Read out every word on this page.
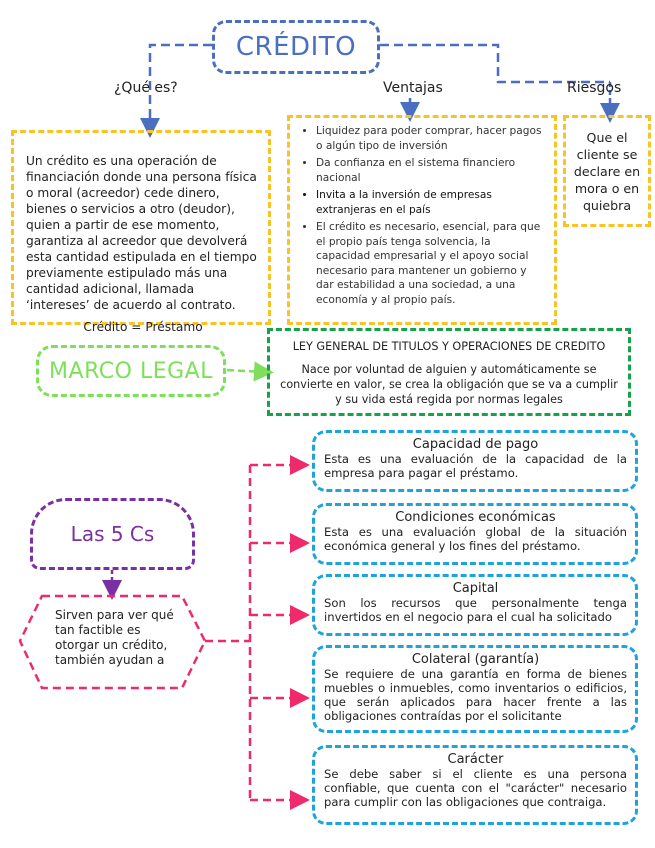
CRÉDITO
¿Qué es?	Ventajas	Riesgos

Un crédito es una operación de financiación donde una persona física o moral (acreedor) cede dinero, bienes o servicios a otro (deudor), quien a partir de ese momento, garantiza al acreedor que devolverá esta cantidad estipulada en el tiempo previamente estipulado más una cantidad adicional, llamada ‘intereses’ de acuerdo al contrato.

Crédito = Préstamo

• Liquidez para poder comprar, hacer pagos o algún tipo de inversión
• Da confianza en el sistema financiero nacional
• Invita a la inversión de empresas extranjeras en el país
• El crédito es necesario, esencial, para que el propio país tenga solvencia, la capacidad empresarial y el apoyo social necesario para mantener un gobierno y dar estabilidad a una sociedad, a una economía y al propio país.
Que el cliente se declare en mora o en quiebra
MARCO LEGAL
LEY GENERAL DE TITULOS Y OPERACIONES DE CREDITO
Nace por voluntad de alguien y automáticamente se convierte en valor, se crea la obligación que se va a cumplir y su vida está regida por normas legales
Las 5 Cs
Sirven para ver qué tan factible es otorgar un crédito, también ayudan a
Capacidad de pago
Esta es una evaluación de la capacidad de la empresa para pagar el préstamo.
Condiciones económicas
Esta es una evaluación global de la situación económica general y los fines del préstamo.
Capital
Son los recursos que personalmente tenga invertidos en el negocio para el cual ha solicitado
Colateral (garantía)
Se requiere de una garantía en forma de bienes muebles o inmuebles, como inventarios o edificios, que serán aplicados para hacer frente a las obligaciones contraídas por el solicitante
Carácter
Se debe saber si el cliente es una persona confiable, que cuenta con el "carácter" necesario para cumplir con las obligaciones que contraiga.
